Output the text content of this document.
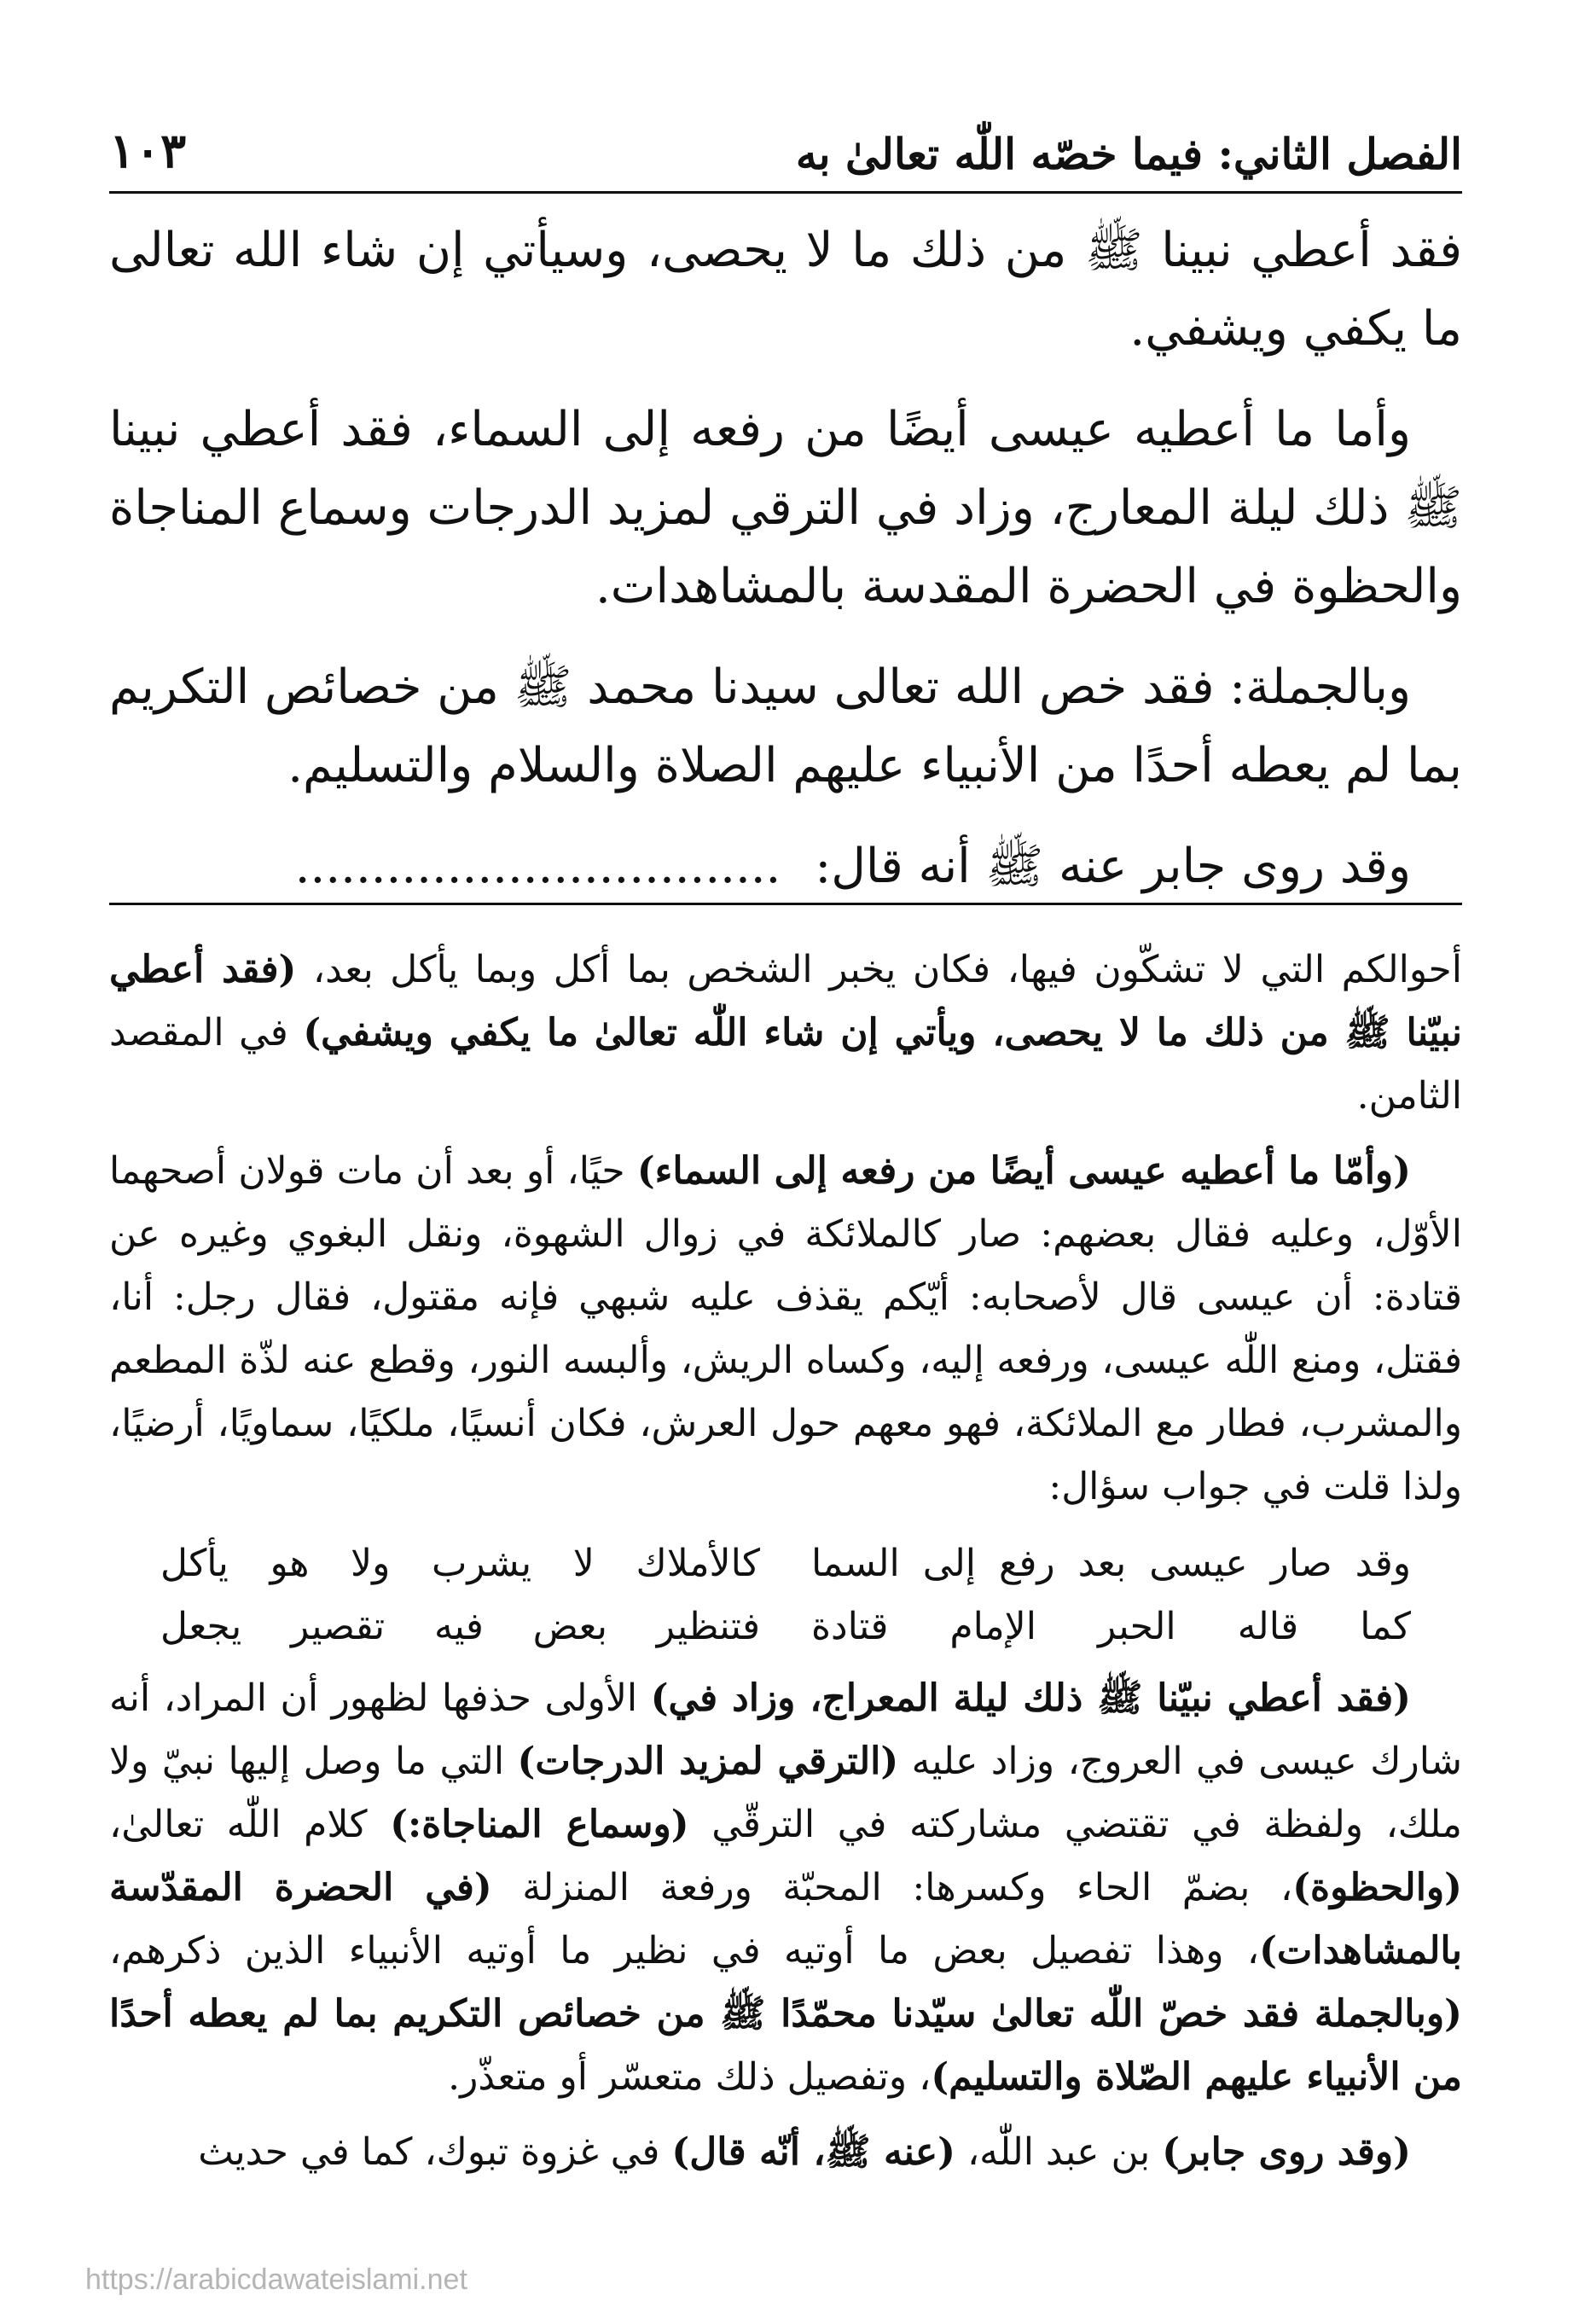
الفصل الثاني: فيما خصّه اللّٰه تعالىٰ به
١٠٣

فقد أعطي نبينا ﷺ من ذلك ما لا يحصى، وسيأتي إن شاء الله تعالى ما يكفي ويشفي.

وأما ما أعطيه عيسى أيضًا من رفعه إلى السماء، فقد أعطي نبينا ﷺ ذلك ليلة المعارج، وزاد في الترقي لمزيد الدرجات وسماع المناجاة والحظوة في الحضرة المقدسة بالمشاهدات.

وبالجملة: فقد خص الله تعالى سيدنا محمد ﷺ من خصائص التكريم بما لم يعطه أحدًا من الأنبياء عليهم الصلاة والسلام والتسليم.

وقد روى جابر عنه ﷺ أنه قال:................................

أحوالكم التي لا تشكّون فيها، فكان يخبر الشخص بما أكل وبما يأكل بعد، (فقد أعطي نبيّنا ﷺ من ذلك ما لا يحصى، ويأتي إن شاء اللّٰه تعالىٰ ما يكفي ويشفي) في المقصد الثامن.

(وأمّا ما أعطيه عيسى أيضًا من رفعه إلى السماء) حيًا، أو بعد أن مات قولان أصحهما الأوّل، وعليه فقال بعضهم: صار كالملائكة في زوال الشهوة، ونقل البغوي وغيره عن قتادة: أن عيسى قال لأصحابه: أيّكم يقذف عليه شبهي فإنه مقتول، فقال رجل: أنا، فقتل، ومنع اللّٰه عيسى، ورفعه إليه، وكساه الريش، وألبسه النور، وقطع عنه لذّة المطعم والمشرب، فطار مع الملائكة، فهو معهم حول العرش، فكان أنسيًا، ملكيًا، سماويًا، أرضيًا، ولذا قلت في جواب سؤال:

وقد صار عيسى بعد رفع إلى السما
كالأملاك لا يشرب ولا هو يأكل
كما قاله الحبر الإمام قتادة
فتنظير بعض فيه تقصير يجعل

(فقد أعطي نبيّنا ﷺ ذلك ليلة المعراج، وزاد في) الأولى حذفها لظهور أن المراد، أنه شارك عيسى في العروج، وزاد عليه (الترقي لمزيد الدرجات) التي ما وصل إليها نبيّ ولا ملك، ولفظة في تقتضي مشاركته في الترقّي (وسماع المناجاة:) كلام اللّٰه تعالىٰ، (والحظوة)، بضمّ الحاء وكسرها: المحبّة ورفعة المنزلة (في الحضرة المقدّسة بالمشاهدات)، وهذا تفصيل بعض ما أوتيه في نظير ما أوتيه الأنبياء الذين ذكرهم، (وبالجملة فقد خصّ اللّٰه تعالىٰ سيّدنا محمّدًا ﷺ من خصائص التكريم بما لم يعطه أحدًا من الأنبياء عليهم الصّلاة والتسليم)، وتفصيل ذلك متعسّر أو متعذّر.

(وقد روى جابر) بن عبد اللّٰه، (عنه ﷺ، أنّه قال) في غزوة تبوك، كما في حديث

https://arabicdawateislami.net
